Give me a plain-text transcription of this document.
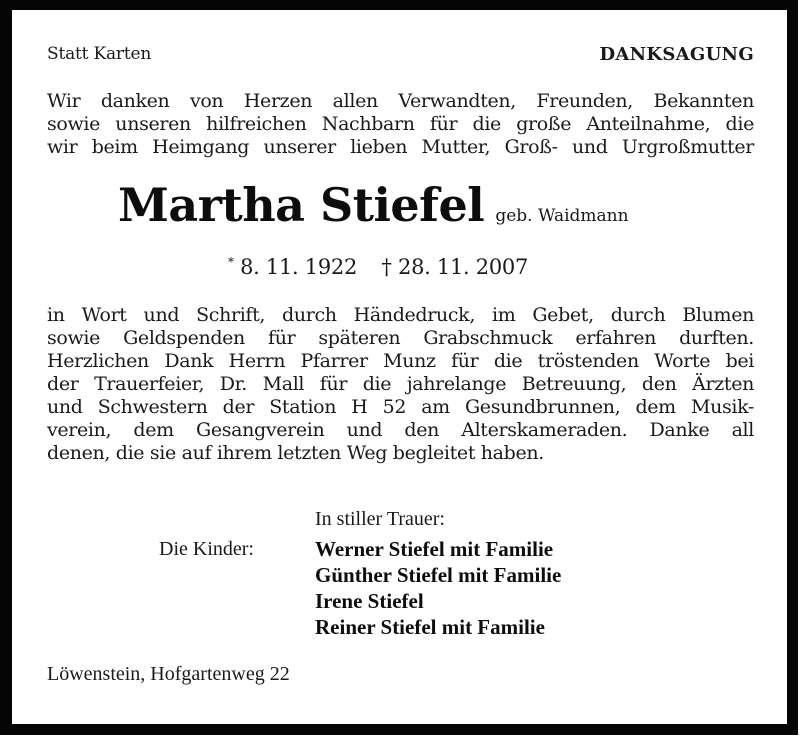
Statt Karten	DANKSAGUNG
Wir danken von Herzen allen Verwandten, Freunden, Bekannten
sowie unseren hilfreichen Nachbarn für die große Anteilnahme, die
wir beim Heimgang unserer lieben Mutter, Groß- und Urgroßmutter
Martha Stiefel geb. Waidmann
* 8. 11. 1922 † 28. 11. 2007
in Wort und Schrift, durch Händedruck, im Gebet, durch Blumen
sowie Geldspenden für späteren Grabschmuck erfahren durften.
Herzlichen Dank Herrn Pfarrer Munz für die tröstenden Worte bei
der Trauerfeier, Dr. Mall für die jahrelange Betreuung, den Ärzten
und Schwestern der Station H 52 am Gesundbrunnen, dem Musik-
verein, dem Gesangverein und den Alterskameraden. Danke all
denen, die sie auf ihrem letzten Weg begleitet haben.
In stiller Trauer:
Die Kinder:	Werner Stiefel mit Familie
Günther Stiefel mit Familie
Irene Stiefel
Reiner Stiefel mit Familie
Löwenstein, Hofgartenweg 22
